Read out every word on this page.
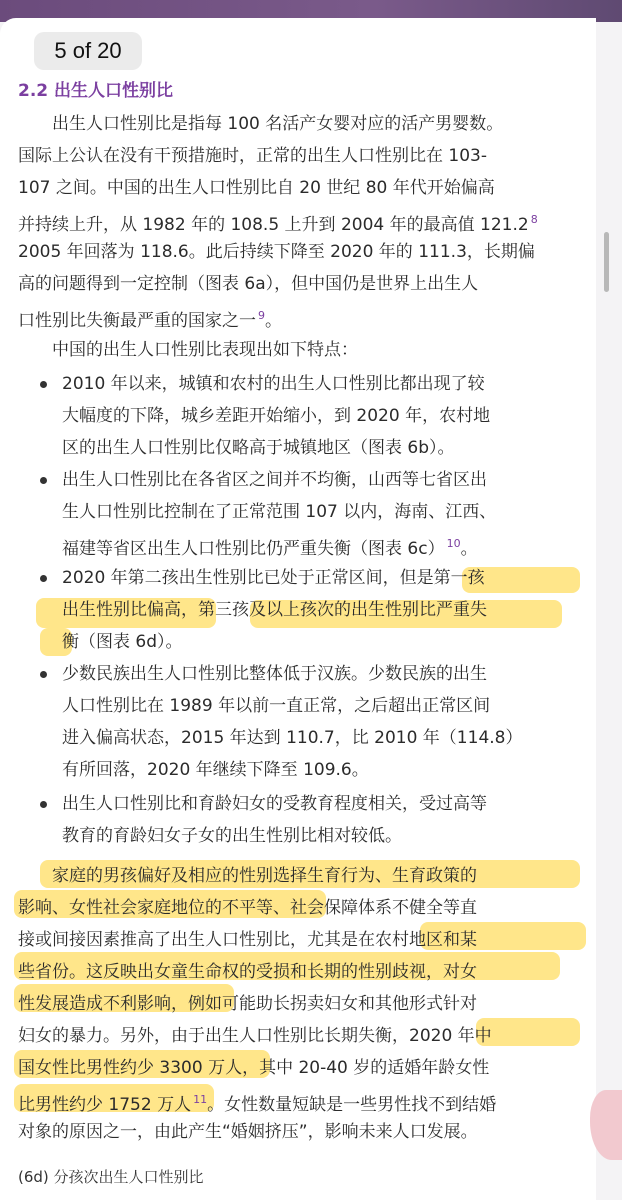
5 of 20
2.2 出生人口性别比
出生人口性别比是指每 100 名活产女婴对应的活产男婴数。
国际上公认在没有干预措施时，正常的出生人口性别比在 103-
107 之间。中国的出生人口性别比自 20 世纪 80 年代开始偏高
并持续上升，从 1982 年的 108.5 上升到 2004 年的最高值 121.2 $^8$
2005 年回落为 118.6。此后持续下降至 2020 年的 111.3，长期偏
高的问题得到一定控制（图表 6a），但中国仍是世界上出生人
口性别比失衡最严重的国家之一 $^9$。
中国的出生人口性别比表现出如下特点：
2010 年以来，城镇和农村的出生人口性别比都出现了较
大幅度的下降，城乡差距开始缩小，到 2020 年，农村地
区的出生人口性别比仅略高于城镇地区（图表 6b）。
出生人口性别比在各省区之间并不均衡，山西等七省区出
生人口性别比控制在了正常范围 107 以内，海南、江西、
福建等省区出生人口性别比仍严重失衡（图表 6c） $^{10}$。
2020 年第二孩出生性别比已处于正常区间，但是第一孩
出生性别比偏高，第三孩及以上孩次的出生性别比严重失
衡（图表 6d）。
少数民族出生人口性别比整体低于汉族。少数民族的出生
人口性别比在 1989 年以前一直正常，之后超出正常区间
进入偏高状态，2015 年达到 110.7，比 2010 年（114.8）
有所回落，2020 年继续下降至 109.6。
出生人口性别比和育龄妇女的受教育程度相关，受过高等
教育的育龄妇女子女的出生性别比相对较低。
家庭的男孩偏好及相应的性别选择生育行为、生育政策的
影响、女性社会家庭地位的不平等、社会保障体系不健全等直
接或间接因素推高了出生人口性别比，尤其是在农村地区和某
些省份。这反映出女童生命权的受损和长期的性别歧视，对女
性发展造成不利影响，例如可能助长拐卖妇女和其他形式针对
妇女的暴力。另外，由于出生人口性别比长期失衡，2020 年中
国女性比男性约少 3300 万人，其中 20-40 岁的适婚年龄女性
比男性约少 1752 万人 $^{11}$。女性数量短缺是一些男性找不到结婚
对象的原因之一，由此产生“婚姻挤压”，影响未来人口发展。
(6d) 分孩次出生人口性别比
